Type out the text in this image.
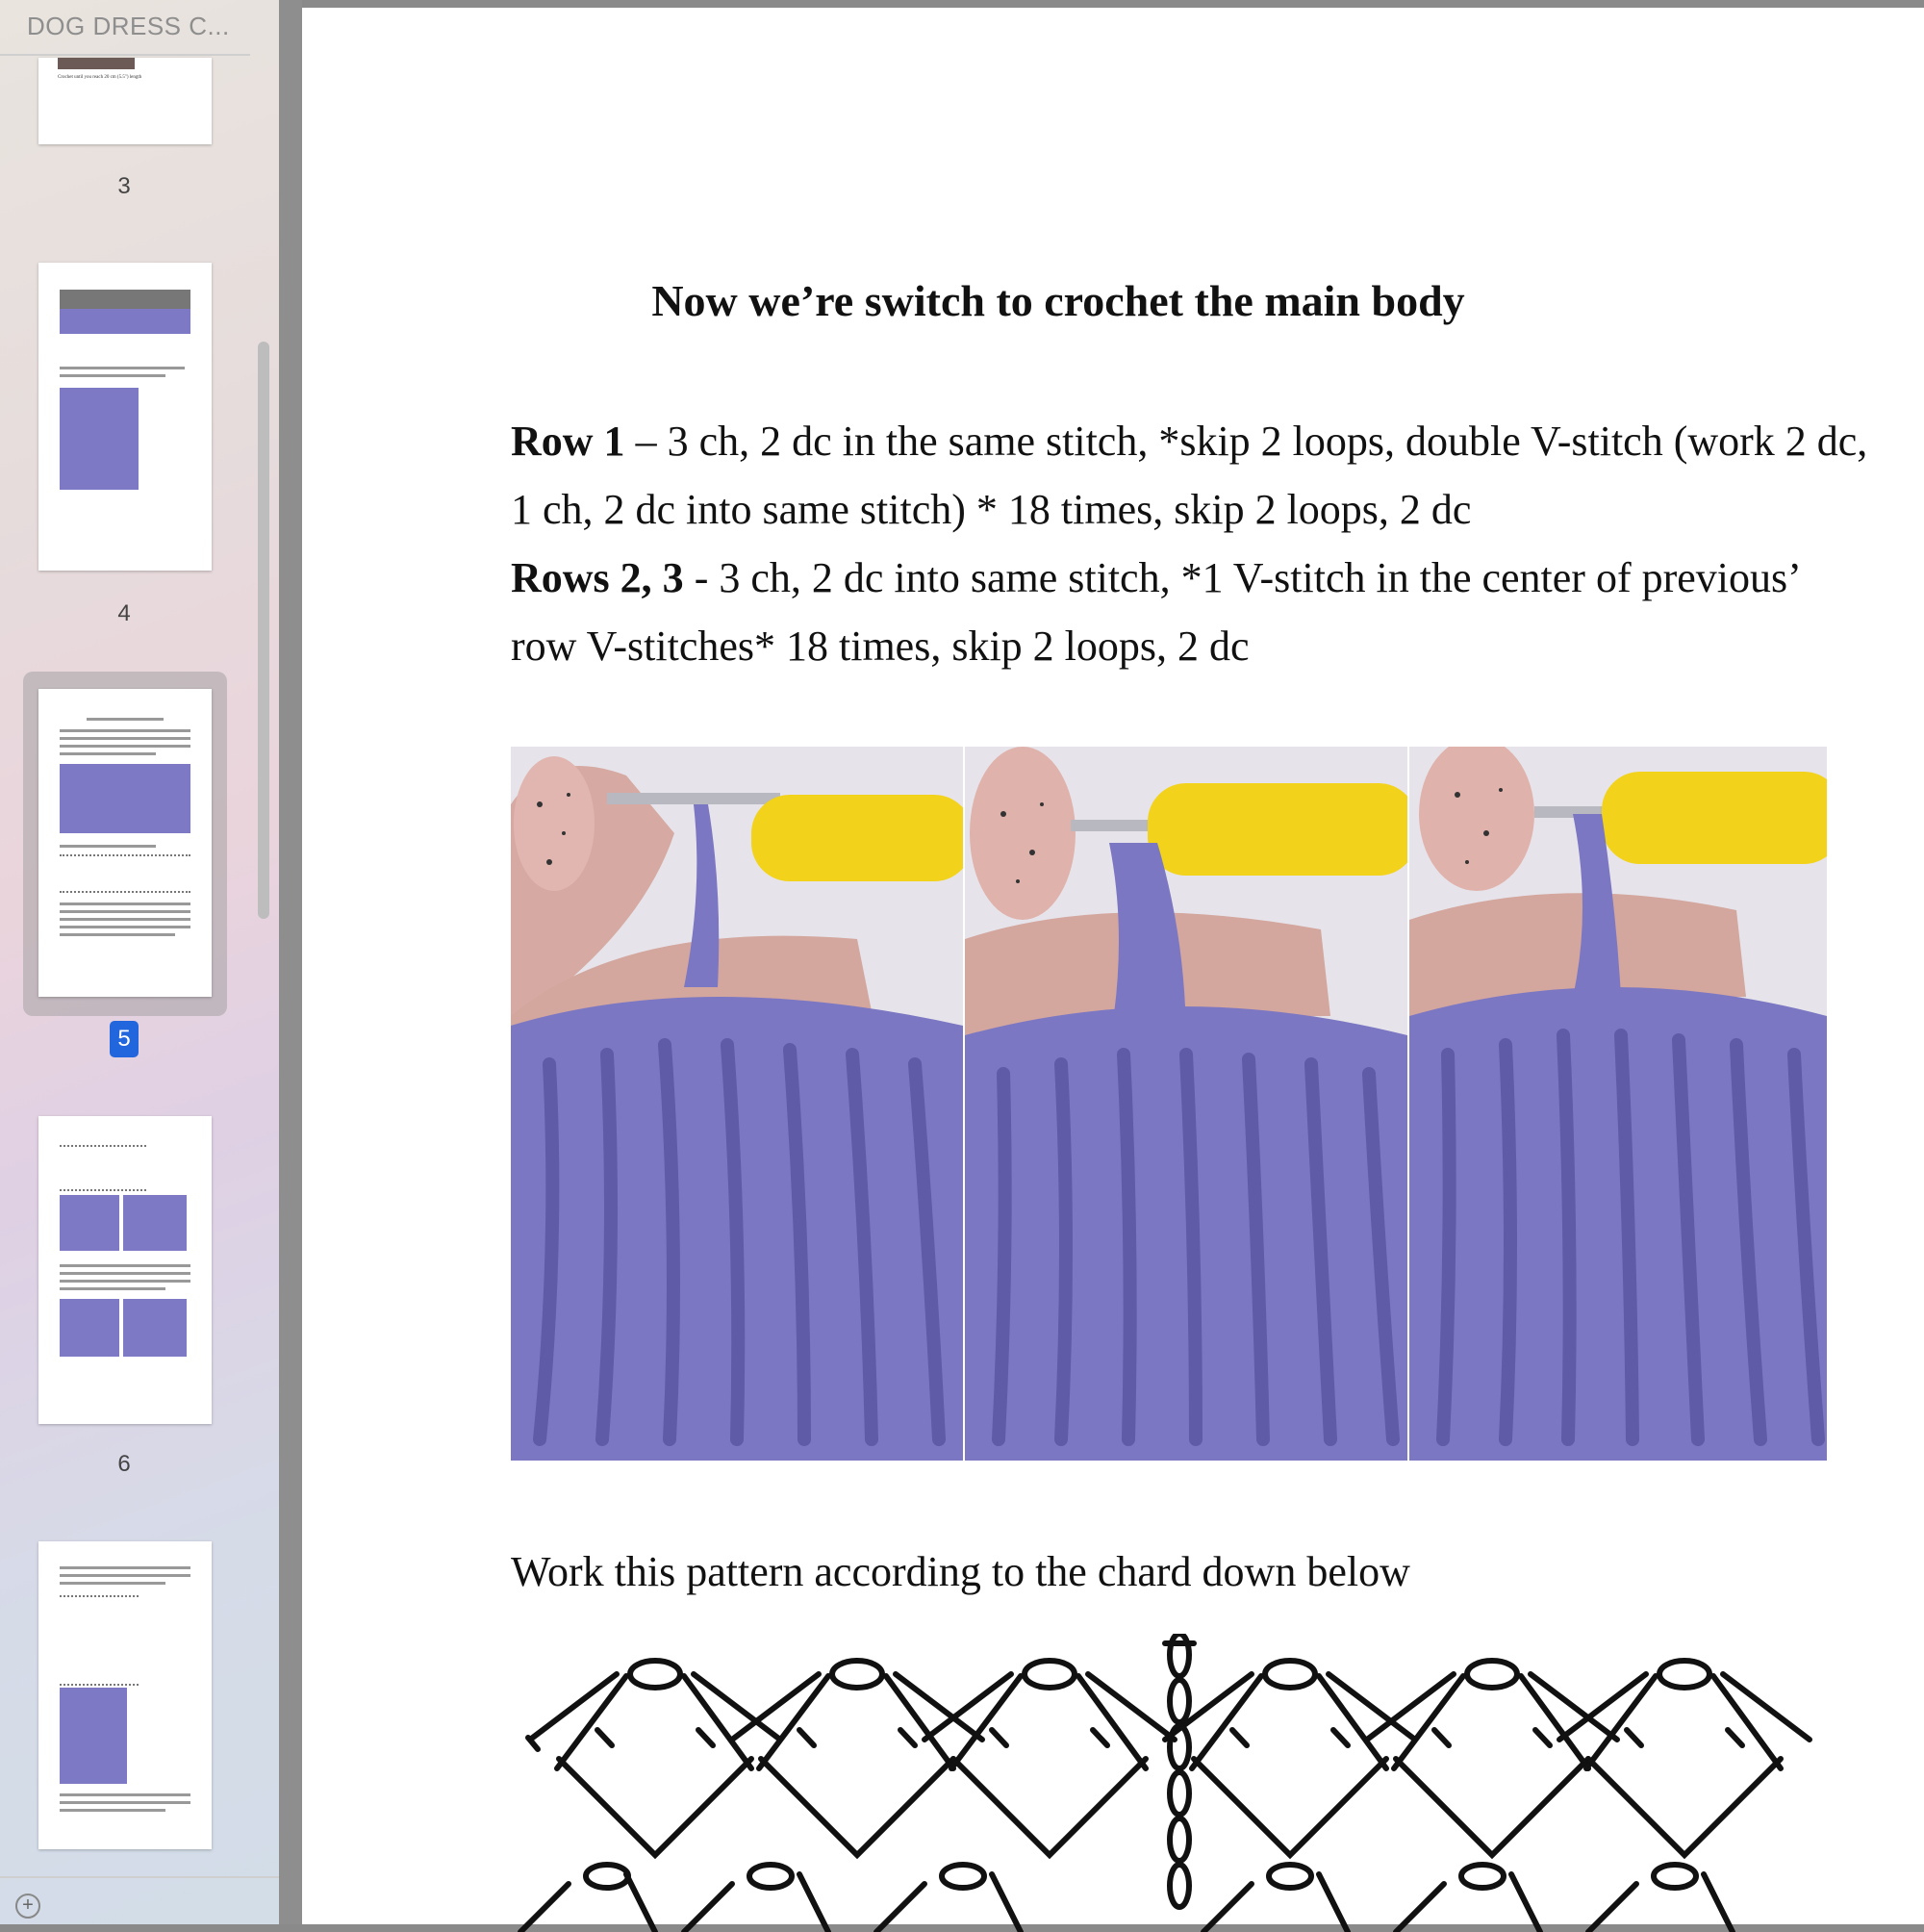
DOG DRESS C...
Crochet until you reach 20 cm (5.5") length
3
4
5
6
+
Now we’re switch to crochet the main body
Row 1 – 3 ch, 2 dc in the same stitch, *skip 2 loops, double V-stitch (work 2 dc,
1 ch, 2 dc into same stitch) * 18 times, skip 2 loops, 2 dc
Rows 2, 3 - 3 ch, 2 dc into same stitch, *1 V-stitch in the center of previous’
row V-stitches* 18 times, skip 2 loops, 2 dc
Work this pattern according to the chard down below
